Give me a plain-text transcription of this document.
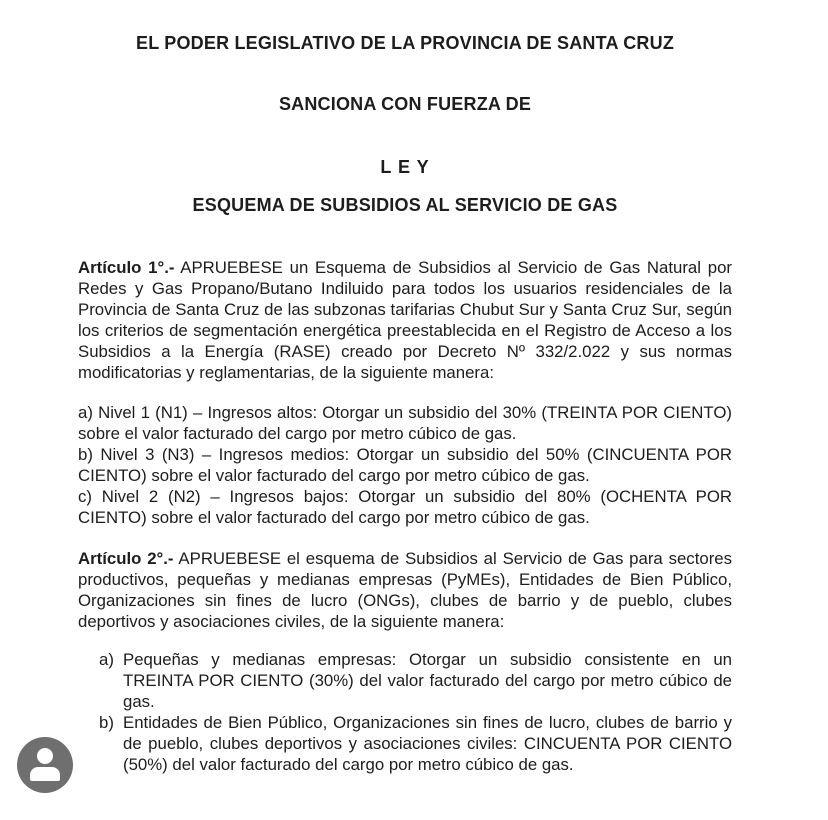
EL PODER LEGISLATIVO DE LA PROVINCIA DE SANTA CRUZ
SANCIONA CON FUERZA DE
L E Y
ESQUEMA DE SUBSIDIOS AL SERVICIO DE GAS

Artículo 1°.- APRUEBESE un Esquema de Subsidios al Servicio de Gas Natural por Redes y Gas Propano/Butano Indiluido para todos los usuarios residenciales de la Provincia de Santa Cruz de las subzonas tarifarias Chubut Sur y Santa Cruz Sur, según los criterios de segmentación energética preestablecida en el Registro de Acceso a los Subsidios a la Energía (RASE) creado por Decreto Nº 332/2.022 y sus normas modificatorias y reglamentarias, de la siguiente manera:

a) Nivel 1 (N1) – Ingresos altos: Otorgar un subsidio del 30% (TREINTA POR CIENTO) sobre el valor facturado del cargo por metro cúbico de gas.

b) Nivel 3 (N3) – Ingresos medios: Otorgar un subsidio del 50% (CINCUENTA POR CIENTO) sobre el valor facturado del cargo por metro cúbico de gas.

c) Nivel 2 (N2) – Ingresos bajos: Otorgar un subsidio del 80% (OCHENTA POR CIENTO) sobre el valor facturado del cargo por metro cúbico de gas.

Artículo 2°.- APRUEBESE el esquema de Subsidios al Servicio de Gas para sectores productivos, pequeñas y medianas empresas (PyMEs), Entidades de Bien Público, Organizaciones sin fines de lucro (ONGs), clubes de barrio y de pueblo, clubes deportivos y asociaciones civiles, de la siguiente manera:

a) Pequeñas y medianas empresas: Otorgar un subsidio consistente en un TREINTA POR CIENTO (30%) del valor facturado del cargo por metro cúbico de gas.
b) Entidades de Bien Público, Organizaciones sin fines de lucro, clubes de barrio y de pueblo, clubes deportivos y asociaciones civiles: CINCUENTA POR CIENTO (50%) del valor facturado del cargo por metro cúbico de gas.
